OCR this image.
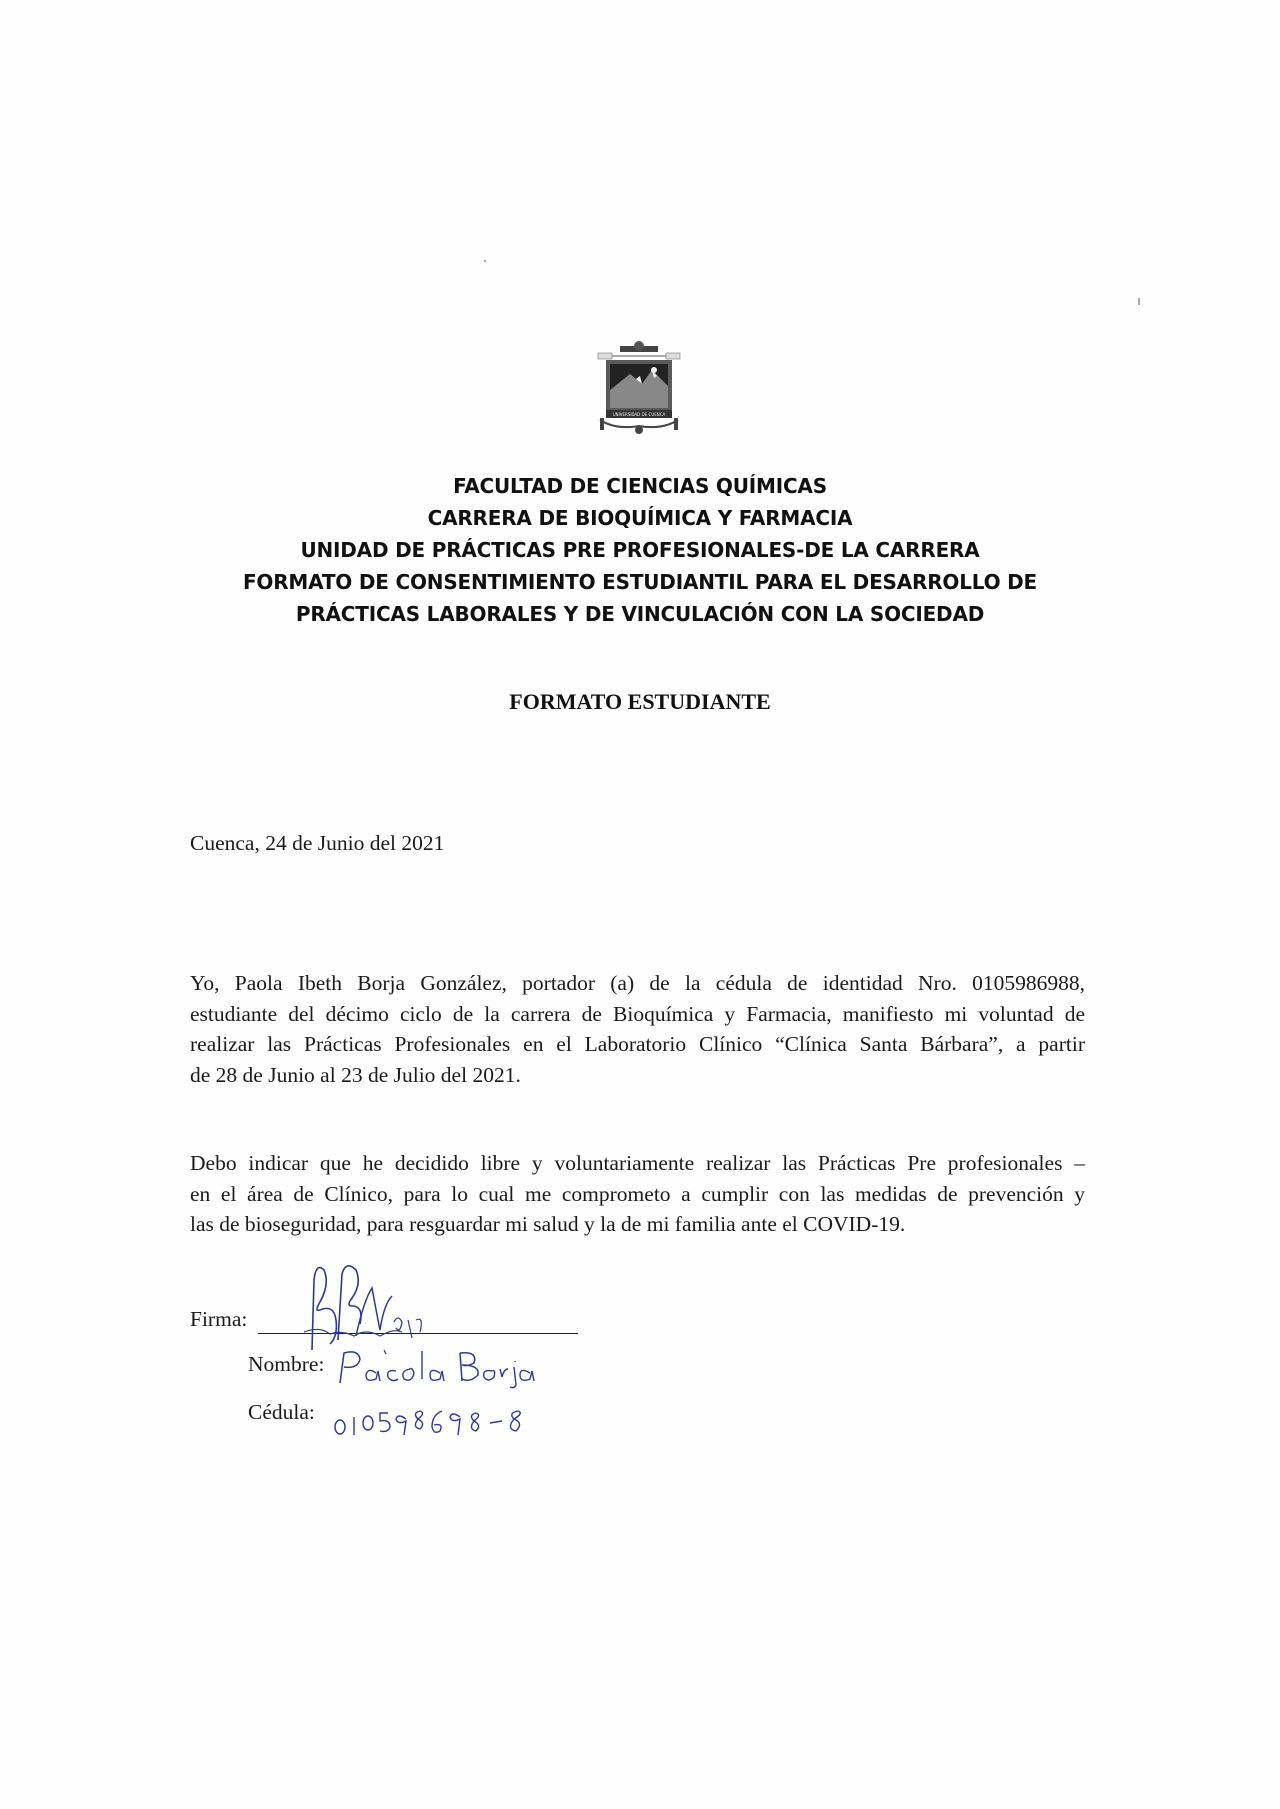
UNIVERSIDAD DE CUENCA
FACULTAD DE CIENCIAS QUÍMICAS
CARRERA DE BIOQUÍMICA Y FARMACIA
UNIDAD DE PRÁCTICAS PRE PROFESIONALES-DE LA CARRERA
FORMATO DE CONSENTIMIENTO ESTUDIANTIL PARA EL DESARROLLO DE
PRÁCTICAS LABORALES Y DE VINCULACIÓN CON LA SOCIEDAD
FORMATO ESTUDIANTE
Cuenca, 24 de Junio del 2021
Yo, Paola Ibeth Borja González, portador (a) de la cédula de identidad Nro. 0105986988,
estudiante del décimo ciclo de la carrera de Bioquímica y Farmacia, manifiesto mi voluntad de
realizar las Prácticas Profesionales en el Laboratorio Clínico “Clínica Santa Bárbara”, a partir
de 28 de Junio al 23 de Julio del 2021.
Debo indicar que he decidido libre y voluntariamente realizar las Prácticas Pre profesionales –
en el área de Clínico, para lo cual me comprometo a cumplir con las medidas de prevención y
las de bioseguridad, para resguardar mi salud y la de mi familia ante el COVID-19.
Firma:
Nombre:
Cédula:
